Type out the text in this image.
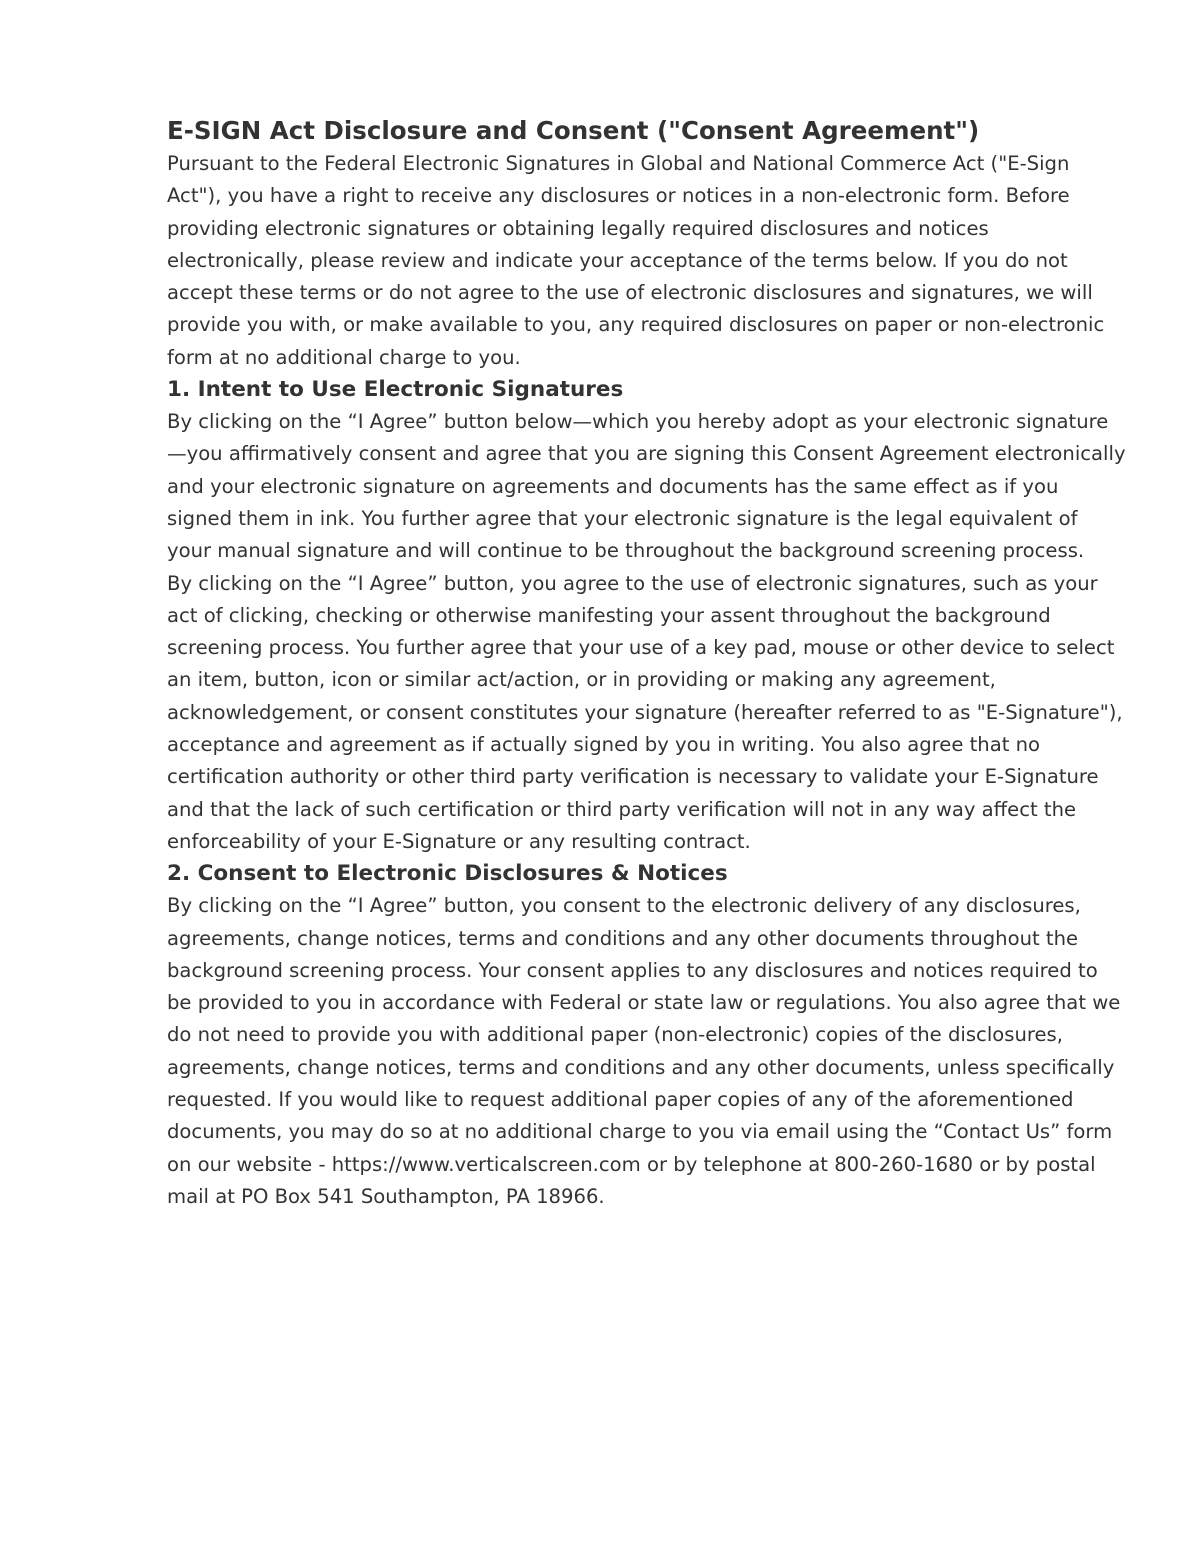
E-SIGN Act Disclosure and Consent ("Consent Agreement")

Pursuant to the Federal Electronic Signatures in Global and National Commerce Act ("E-Sign Act"), you have a right to receive any disclosures or notices in a non-electronic form. Before providing electronic signatures or obtaining legally required disclosures and notices electronically, please review and indicate your acceptance of the terms below. If you do not accept these terms or do not agree to the use of electronic disclosures and signatures, we will provide you with, or make available to you, any required disclosures on paper or non-electronic form at no additional charge to you.

1. Intent to Use Electronic Signatures

By clicking on the “I Agree” button below—which you hereby adopt as your electronic signature—you affirmatively consent and agree that you are signing this Consent Agreement electronically and your electronic signature on agreements and documents has the same effect as if you signed them in ink. You further agree that your electronic signature is the legal equivalent of your manual signature and will continue to be throughout the background screening process.

By clicking on the “I Agree” button, you agree to the use of electronic signatures, such as your act of clicking, checking or otherwise manifesting your assent throughout the background screening process. You further agree that your use of a key pad, mouse or other device to select an item, button, icon or similar act/action, or in providing or making any agreement, acknowledgement, or consent constitutes your signature (hereafter referred to as "E-Signature"), acceptance and agreement as if actually signed by you in writing. You also agree that no certification authority or other third party verification is necessary to validate your E-Signature and that the lack of such certification or third party verification will not in any way affect the enforceability of your E-Signature or any resulting contract.

2. Consent to Electronic Disclosures & Notices

By clicking on the “I Agree” button, you consent to the electronic delivery of any disclosures, agreements, change notices, terms and conditions and any other documents throughout the background screening process. Your consent applies to any disclosures and notices required to be provided to you in accordance with Federal or state law or regulations. You also agree that we do not need to provide you with additional paper (non-electronic) copies of the disclosures, agreements, change notices, terms and conditions and any other documents, unless specifically requested. If you would like to request additional paper copies of any of the aforementioned documents, you may do so at no additional charge to you via email using the “Contact Us” form on our website - https://www.verticalscreen.com or by telephone at 800-260-1680 or by postal mail at PO Box 541 Southampton, PA 18966.
